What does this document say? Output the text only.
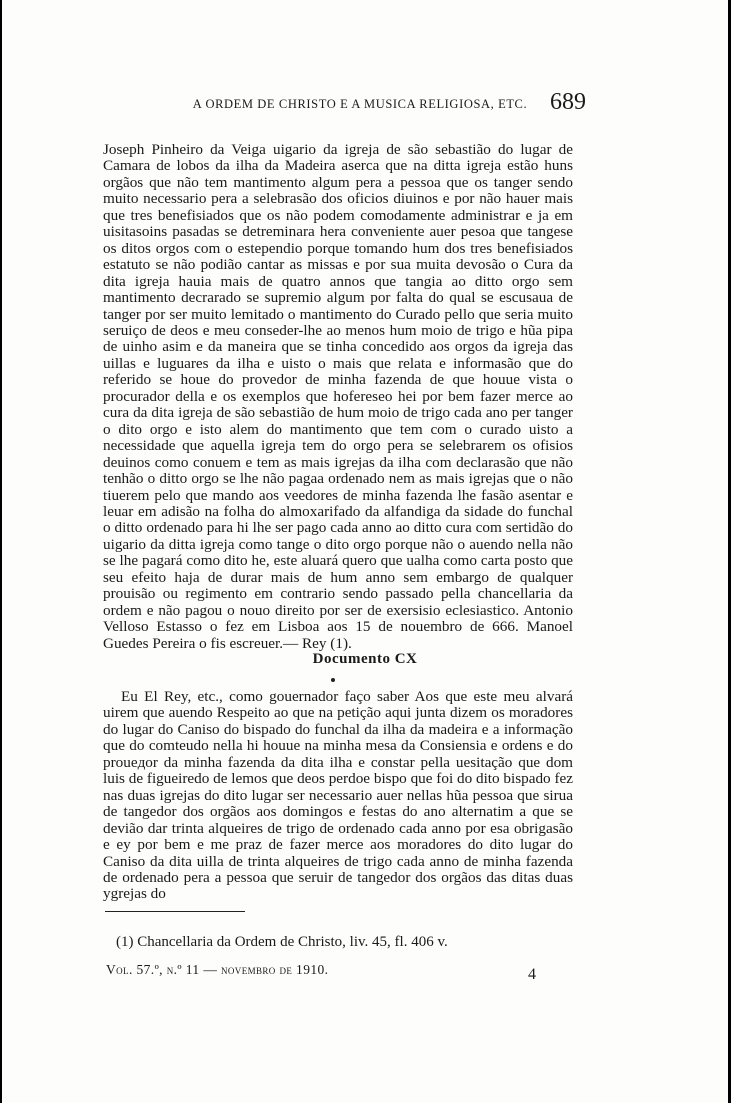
A ORDEM DE CHRISTO E A MUSICA RELIGIOSA, ETC. 689
Joseph Pinheiro da Veiga uigario da igreja de são sebastião do lugar de Camara de lobos da ilha da Madeira aserca que na ditta igreja estão huns orgãos que não tem mantimento algum pera a pessoa que os tanger sendo muito necessario pera a selebrasão dos oficios diuinos e por não hauer mais que tres benefisiados que os não podem comodamente administrar e ja em uisitasoins pasadas se detreminara hera conveniente auer pesoa que tangese os ditos orgos com o estependio porque tomando hum dos tres benefisiados estatuto se não podião cantar as missas e por sua muita devosão o Cura da dita igreja hauia mais de quatro annos que tangia ao ditto orgo sem mantimento decrarado se supremio algum por falta do qual se escusaua de tanger por ser muito lemitado o mantimento do Curado pello que seria muito seruiço de deos e meu conseder-lhe ao menos hum moio de trigo e hũa pipa de uinho asim e da maneira que se tinha concedido aos orgos da igreja das uillas e luguares da ilha e uisto o mais que relata e informasão que do referido se houe do provedor de minha fazenda de que houue vista o procurador della e os exemplos que hofereseo hei por bem fazer merce ao cura da dita igreja de são sebastião de hum moio de trigo cada ano per tanger o dito orgo e isto alem do mantimento que tem com o curado uisto a necessidade que aquella igreja tem do orgo pera se selebrarem os ofisios deuinos como conuem e tem as mais igrejas da ilha com declarasão que não tenhão o ditto orgo se lhe não pagaa ordenado nem as mais igrejas que o não tiuerem pelo que mando aos veedores de minha fazenda lhe fasão asentar e leuar em adisão na folha do almoxarifado da alfandiga da sidade do funchal o ditto ordenado para hi lhe ser pago cada anno ao ditto cura com sertidão do uigario da ditta igreja como tange o dito orgo porque não o auendo nella não se lhe pagará como dito he, este aluará quero que ualha como carta posto que seu efeito haja de durar mais de hum anno sem embargo de qualquer prouisão ou regimento em contrario sendo passado pella chancellaria da ordem e não pagou o nouo direito por ser de exersisio eclesiastico. Antonio Velloso Estasso o fez em Lisboa aos 15 de nouembro de 666. Manoel Guedes Pereira o fis escreuer.— Rey (1).
Documento CX
Eu El Rey, etc., como gouernador faço saber Aos que este meu alvará uirem que auendo Respeito ao que na petição aqui junta dizem os moradores do lugar do Caniso do bispado do funchal da ilha da madeira e a informação que do comteudo nella hi houue na minha mesa da Consiensia e ordens e do proueдor da minha fazenda da dita ilha e constar pella uesitação que dom luis de figueiredo de lemos que deos perdoe bispo que foi do dito bispado fez nas duas igrejas do dito lugar ser necessario auer nellas hũa pessoa que sirua de tangedor dos orgãos aos domingos e festas do ano alternatim a que se devião dar trinta alqueires de trigo de ordenado cada anno por esa obrigasão e ey por bem e me praz de fazer merce aos moradores do dito lugar do Caniso da dita uilla de trinta alqueires de trigo cada anno de minha fazenda de ordenado pera a pessoa que seruir de tangedor dos orgãos das ditas duas ygrejas do
(1) Chancellaria da Ordem de Christo, liv. 45, fl. 406 v.
Vol. 57.º, n.º 11 — novembro de 1910.	4
